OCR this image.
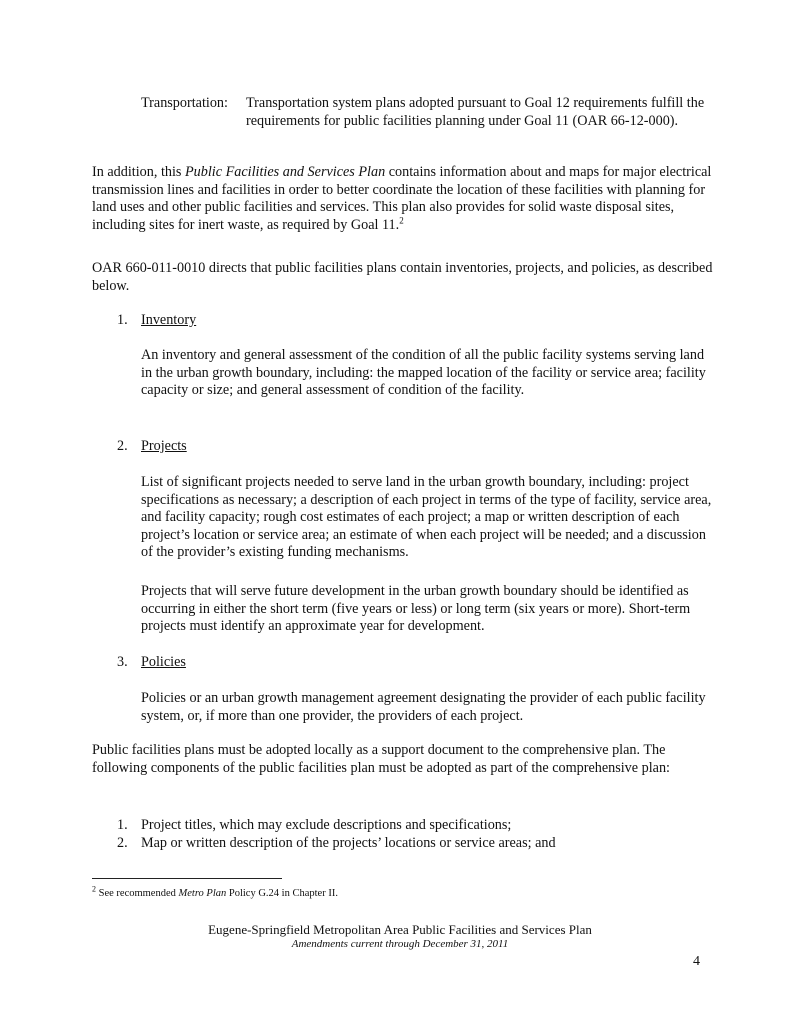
Transportation: Transportation system plans adopted pursuant to Goal 12 requirements fulfill the requirements for public facilities planning under Goal 11 (OAR 66-12-000).
In addition, this Public Facilities and Services Plan contains information about and maps for major electrical transmission lines and facilities in order to better coordinate the location of these facilities with planning for land uses and other public facilities and services. This plan also provides for solid waste disposal sites, including sites for inert waste, as required by Goal 11.$^2$
OAR 660-011-0010 directs that public facilities plans contain inventories, projects, and policies, as described below.
1. Inventory
An inventory and general assessment of the condition of all the public facility systems serving land in the urban growth boundary, including: the mapped location of the facility or service area; facility capacity or size; and general assessment of condition of the facility.
2. Projects
List of significant projects needed to serve land in the urban growth boundary, including: project specifications as necessary; a description of each project in terms of the type of facility, service area, and facility capacity; rough cost estimates of each project; a map or written description of each project’s location or service area; an estimate of when each project will be needed; and a discussion of the provider’s existing funding mechanisms.
Projects that will serve future development in the urban growth boundary should be identified as occurring in either the short term (five years or less) or long term (six years or more). Short-term projects must identify an approximate year for development.
3. Policies
Policies or an urban growth management agreement designating the provider of each public facility system, or, if more than one provider, the providers of each project.
Public facilities plans must be adopted locally as a support document to the comprehensive plan. The following components of the public facilities plan must be adopted as part of the comprehensive plan:
1. Project titles, which may exclude descriptions and specifications;
2. Map or written description of the projects’ locations or service areas; and
$^2$ See recommended Metro Plan Policy G.24 in Chapter II.
Eugene-Springfield Metropolitan Area Public Facilities and Services Plan
Amendments current through December 31, 2011
4
